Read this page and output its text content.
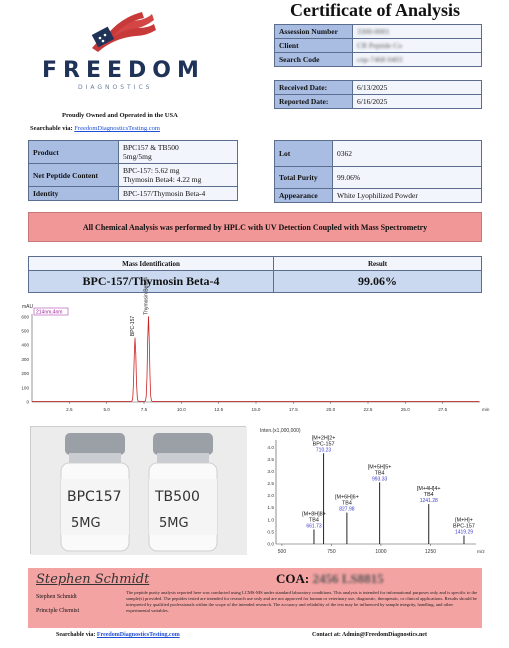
FREEDOM
DIAGNOSTICS
Proudly Owned and Operated in the USA
Searchable via: FreedomDiagnosticsTesting.com
Certificate of Analysis
Assession Number	3300-0001
Client	CR Peptide Co
Search Code	cnp-7468 0403
Received Date:	6/13/2025
Reported Date:	6/16/2025
Product	BPC157 & TB500
5mg/5mg

Net Peptide Content	BPC-157: 5.62 mg
Thymosin Beta4: 4.22 mg

Identity	BPC-157/Thymosin Beta-4
Lot	0362
Total Purity	99.06%
Appearance	White Lyophilized Powder
All Chemical Analysis was performed by HPLC with UV Detection Coupled with Mass Spectrometry
Mass Identification	Result
BPC-157/Thymosin Beta-4	99.06%
mAU
214nm,4nm
0
100
200
300
400
500
600
2.5	5.0	7.5	10.0	12.5	15.0	17.5	20.0	22.5	25.0	27.5	min
BPC-157
Thymosin Beta-4
BPC157
5MG
TB500
5MG
Inten.(x1,000,000)
0.0
0.5
1.0
1.5
2.0
2.5
3.0
3.5
4.0
500	750	1000	1250	m/z
661.73
TB4
[M+8H]8+
710.23
BPC-157
[M+2H]2+
827.98
TB4
[M+6H]6+
993.33
TB4
[M+5H]5+
1241.28
TB4
[M+4H]4+
1419.29
BPC-157
[M+H]+
Stephen Schmidt
Stephen Schmidt
Principle Chemist
COA: 2456 LS8815
The peptide purity analysis reported here was conducted using LCMS-MS under standard laboratory conditions. This analysis is intended for informational purposes only and is specific to the sample(s) provided. The peptides tested are intended for research use only and are not approved for human or veterinary use, diagnostic, therapeutic, or clinical applications. Results should be interpreted by qualified professionals within the scope of the intended research. The accuracy and reliability of the test may be influenced by sample integrity, handling, and other experimental variables.
Searchable via: FreedomDiagnosticsTesting.com	Contact at: Admin@FreedomDiagnostics.net
